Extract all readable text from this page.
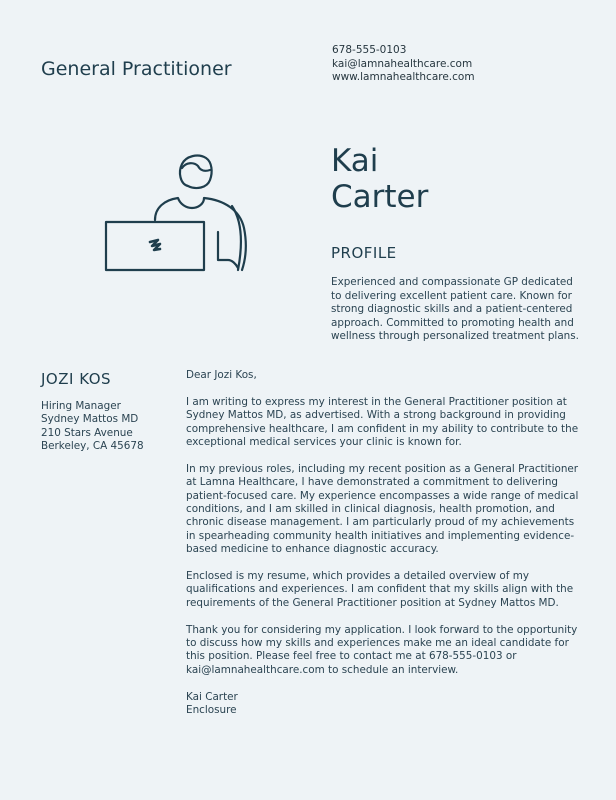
General Practitioner
678-555-0103
kai@lamnahealthcare.com
www.lamnahealthcare.com
Kai
Carter
PROFILE
Experienced and compassionate GP dedicated to delivering excellent patient care. Known for strong diagnostic skills and a patient-centered approach. Committed to promoting health and wellness through personalized treatment plans.
JOZI KOS
Hiring Manager
Sydney Mattos MD
210 Stars Avenue
Berkeley, CA 45678

Dear Jozi Kos,

I am writing to express my interest in the General Practitioner position at Sydney Mattos MD, as advertised. With a strong background in providing comprehensive healthcare, I am confident in my ability to contribute to the exceptional medical services your clinic is known for.

In my previous roles, including my recent position as a General Practitioner at Lamna Healthcare, I have demonstrated a commitment to delivering patient-focused care. My experience encompasses a wide range of medical conditions, and I am skilled in clinical diagnosis, health promotion, and chronic disease management. I am particularly proud of my achievements in spearheading community health initiatives and implementing evidence-based medicine to enhance diagnostic accuracy.

Enclosed is my resume, which provides a detailed overview of my qualifications and experiences. I am confident that my skills align with the requirements of the General Practitioner position at Sydney Mattos MD.

Thank you for considering my application. I look forward to the opportunity to discuss how my skills and experiences make me an ideal candidate for this position. Please feel free to contact me at 678-555-0103 or kai@lamnahealthcare.com to schedule an interview.

Kai Carter
Enclosure
